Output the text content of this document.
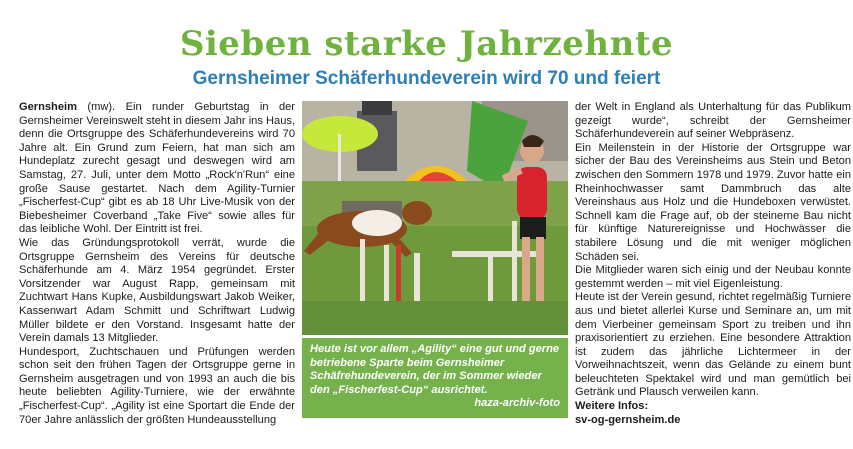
Sieben starke Jahrzehnte
Gernsheimer Schäferhundeverein wird 70 und feiert

Gernsheim (mw). Ein runder Geburtstag in der Gernsheimer Vereinswelt steht in diesem Jahr ins Haus, denn die Ortsgruppe des Schäferhundevereins wird 70 Jahre alt. Ein Grund zum Feiern, hat man sich am Hundeplatz zurecht gesagt und deswegen wird am Samstag, 27. Juli, unter dem Motto „Rock'n'Run“ eine große Sause gestartet. Nach dem Agility-Turnier „Fischerfest-Cup“ gibt es ab 18 Uhr Live-Musik von der Biebesheimer Coverband „Take Five“ sowie alles für das leibliche Wohl. Der Eintritt ist frei.

Wie das Gründungsprotokoll verrät, wurde die Ortsgruppe Gernsheim des Vereins für deutsche Schäferhunde am 4. März 1954 gegründet. Erster Vorsitzender war August Rapp, gemeinsam mit Zuchtwart Hans Kupke, Ausbildungswart Jakob Weiker, Kassenwart Adam Schmitt und Schriftwart Ludwig Müller bildete er den Vorstand. Insgesamt hatte der Verein damals 13 Mitglieder.

Hundesport, Zuchtschauen und Prüfungen werden schon seit den frühen Tagen der Ortsgruppe gerne in Gernsheim ausgetragen und von 1993 an auch die bis heute beliebten Agility-Turniere, wie der erwähnte „Fischerfest-Cup“. „Agility ist eine Sportart die Ende der 70er Jahre anlässlich der größten Hundeausstellung

Heute ist vor allem „Agility“ eine gut und gerne betriebene Sparte beim Gernsheimer Schäfrehundeverein, der im Sommer wieder den „Fischerfest-Cup“ ausrichtet.
haza-archiv-foto

der Welt in England als Unterhaltung für das Publikum gezeigt wurde“, schreibt der Gernsheimer Schäferhundeverein auf seiner Webpräsenz.

Ein Meilenstein in der Historie der Ortsgruppe war sicher der Bau des Vereinsheims aus Stein und Beton zwischen den Sommern 1978 und 1979. Zuvor hatte ein Rheinhochwasser samt Dammbruch das alte Vereinshaus aus Holz und die Hundeboxen verwüstet. Schnell kam die Frage auf, ob der steinerne Bau nicht für künftige Naturereignisse und Hochwässer die stabilere Lösung und die mit weniger möglichen Schäden sei.

Die Mitglieder waren sich einig und der Neubau konnte gestemmt werden – mit viel Eigenleistung.

Heute ist der Verein gesund, richtet regelmäßig Turniere aus und bietet allerlei Kurse und Seminare an, um mit dem Vierbeiner gemeinsam Sport zu treiben und ihn praxisorientiert zu erziehen. Eine besondere Attraktion ist zudem das jährliche Lichtermeer in der Vorweihnachtszeit, wenn das Gelände zu einem bunt beleuchteten Spektakel wird und man gemütlich bei Getränk und Plausch verweilen kann.

Weitere Infos:

sv-og-gernsheim.de
